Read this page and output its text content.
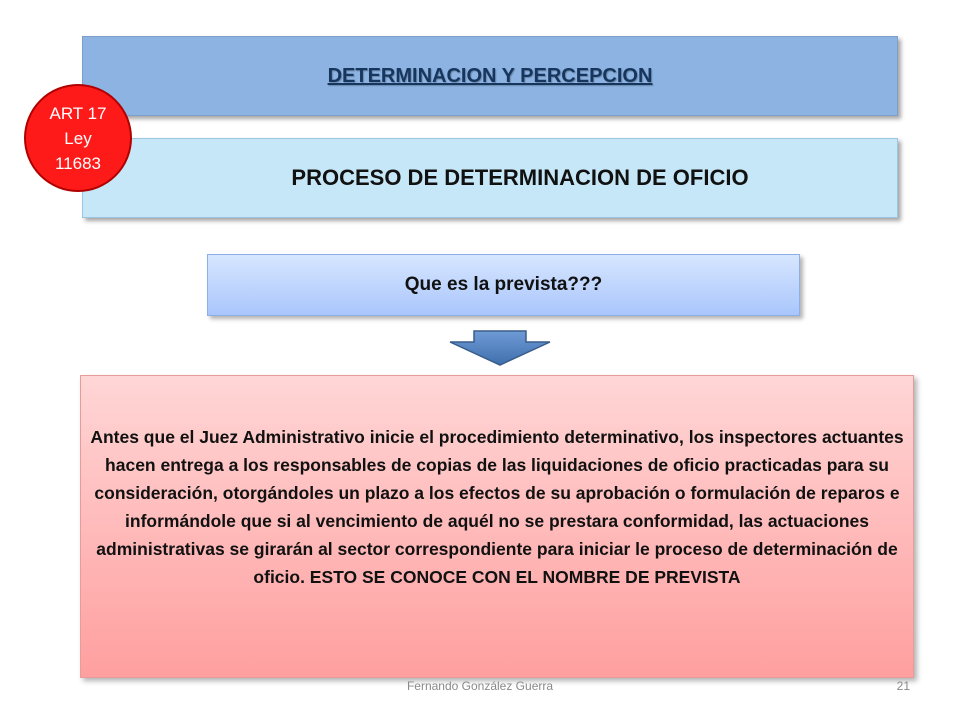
DETERMINACION Y PERCEPCION
PROCESO DE DETERMINACION DE OFICIO
ART 17
Ley
11683
Que es la prevista???

Antes que el Juez Administrativo inicie el procedimiento determinativo, los inspectores actuantes hacen entrega a los responsables de copias de las liquidaciones de oficio practicadas para su consideración, otorgándoles un plazo a los efectos de su aprobación o formulación de reparos e informándole que si al vencimiento de aquél no se prestara conformidad, las actuaciones administrativas se girarán al sector correspondiente para iniciar le proceso de determinación de oficio. ESTO SE CONOCE CON EL NOMBRE DE PREVISTA

Fernando González Guerra	21
